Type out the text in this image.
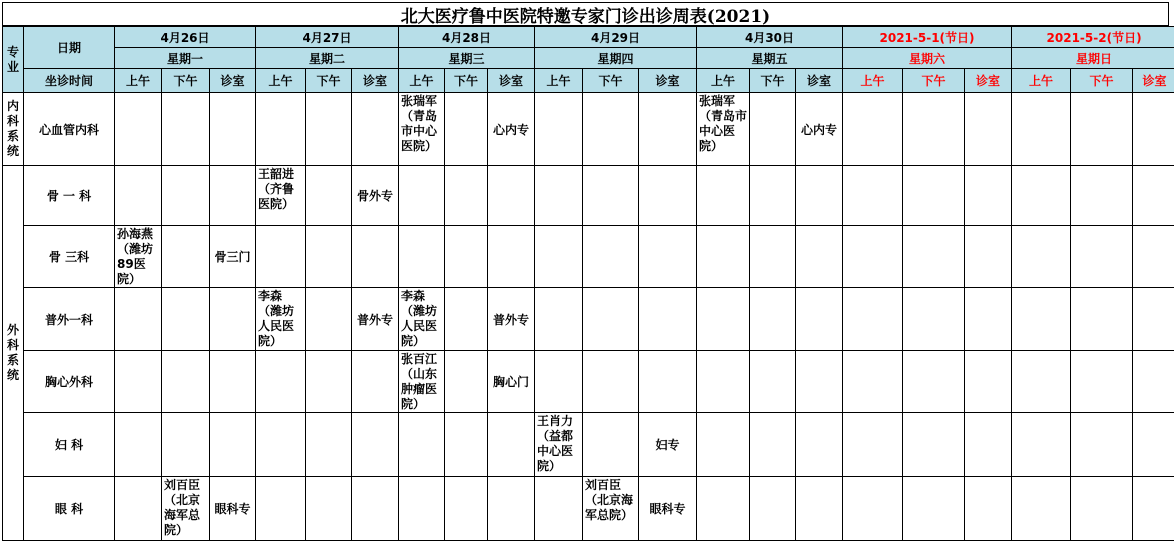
北大医疗鲁中医院特邀专家门诊出诊周表(2021)
专
业	日期	4月26日			4月27日			4月28日			4月29日			4月30日			2021-5-1(节日)			2021-5-2(节日)		
		星期一			星期二			星期三			星期四			星期五			星期六			星期日		
	坐诊时间	上午	下午	诊室	上午	下午	诊室	上午	下午	诊室	上午	下午	诊室	上午	下午	诊室	上午	下午	诊室	上午	下午	诊室
内
科
系
统	心血管内科							张瑞军（青岛市中心医院）		心内专				张瑞军（青岛市中心医院）		心内专						
外
科
系
统	骨 一 科				王韶进（齐鲁医院）		骨外专															
	骨 三科	孙海燕（潍坊89医院）		骨三门																		
	普外一科				李森（潍坊人民医院）		普外专	李森（潍坊人民医院）		普外专												
	胸心外科							张百江（山东肿瘤医院）		胸心门												
	妇 科										王肖力（益都中心医院）		妇专									
	眼 科		刘百臣（北京海军总院）	眼科专								刘百臣（北京海军总院）	眼科专									
